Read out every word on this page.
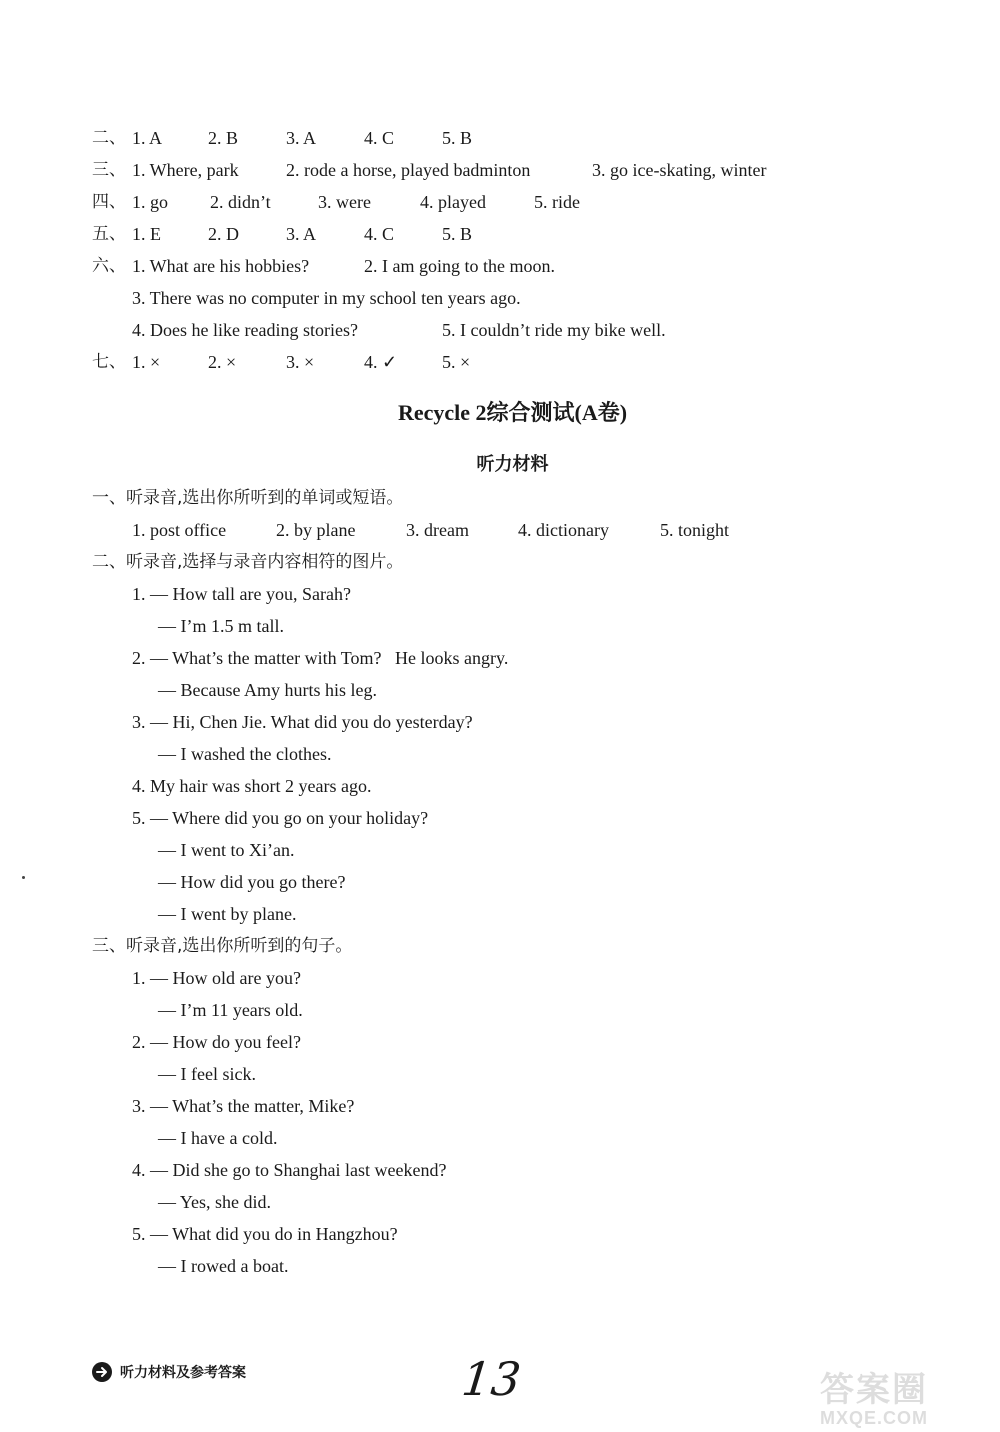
二、 1. A	2. B	3. A	4. C	5. B
三、 1. Where, park	2. rode a horse, played badminton	3. go ice-skating, winter
四、 1. go 2. didn’t	3. were	4. played	5. ride
五、 1. E	2. D	3. A	4. C	5. B
六、 1. What are his hobbies?	2. I am going to the moon.
3. There was no computer in my school ten years ago.
4. Does he like reading stories?	5. I couldn’t ride my bike well.
七、 1. ×	2. ×	3. ×	4. ✓ 5. ×
Recycle 2综合测试(A卷)
听力材料
一、听录音,选出你所听到的单词或短语。
1. post office	2. by plane	3. dream	4. dictionary	5. tonight
二、听录音,选择与录音内容相符的图片。
1. — How tall are you, Sarah?
— I’m 1.5 m tall.
2. — What’s the matter with Tom?   He looks angry.
— Because Amy hurts his leg.
3. — Hi, Chen Jie. What did you do yesterday?
— I washed the clothes.
4. My hair was short 2 years ago.
5. — Where did you go on your holiday?
— I went to Xi’an.
— How did you go there?
— I went by plane.
三、听录音,选出你所听到的句子。
1. — How old are you?
— I’m 11 years old.
2. — How do you feel?
— I feel sick.
3. — What’s the matter, Mike?
— I have a cold.
4. — Did she go to Shanghai last weekend?
— Yes, she did.
5. — What did you do in Hangzhou?
— I rowed a boat.
听力材料及参考答案	13	答案圈
MXQE.COM
